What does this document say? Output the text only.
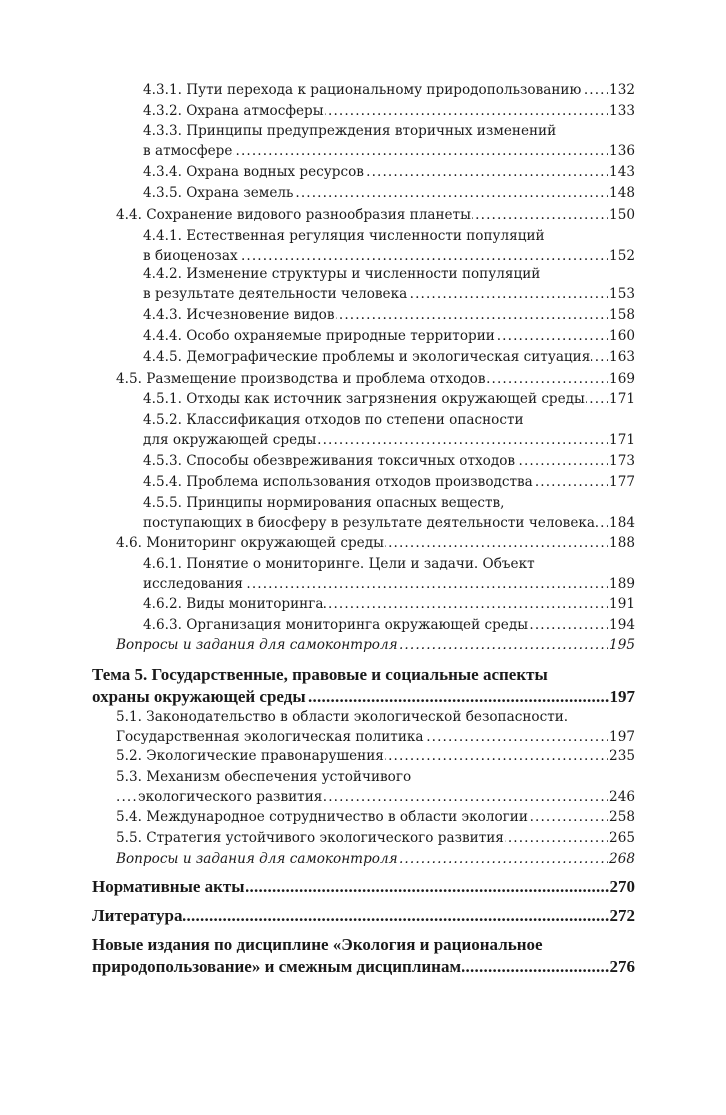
4.3.1. Пути перехода к рациональному природопользованию 132
. . .
4.3.2. Охрана атмосферы	133
. . .
4.3.3. Принципы предупреждения вторичных изменений
в атмосфере	136
. . .
4.3.4. Охрана водных ресурсов	143
. . .
4.3.5. Охрана земель	148
. . .
4.4. Сохранение видового разнообразия планеты	150
. . .
4.4.1. Естественная регуляция численности популяций
в биоценозах	152
. . .
4.4.2. Изменение структуры и численности популяций
в результате деятельности человека	153
. . .
4.4.3. Исчезновение видов	158
. . .
4.4.4. Особо охраняемые природные территории	160
. . .
4.4.5. Демографические проблемы и экологическая ситуация 163
. . .
4.5. Размещение производства и проблема отходов	169
. . .
4.5.1. Отходы как источник загрязнения окружающей среды 171
. . .
4.5.2. Классификация отходов по степени опасности
для окружающей среды	171
. . .
4.5.3. Способы обезвреживания токсичных отходов	173
. . .
4.5.4. Проблема использования отходов производства	177
. . .
4.5.5. Принципы нормирования опасных веществ,
поступающих в биосферу в результате деятельности человека 184
. . .
4.6. Мониторинг окружающей среды	188
. . .
4.6.1. Понятие о мониторинге. Цели и задачи. Объект
исследования	189
. . .
4.6.2. Виды мониторинга	191
. . .
4.6.3. Организация мониторинга окружающей среды	194
. . .
Вопросы и задания для самоконтроля	195
. . .
Тема 5. Государственные, правовые и социальные аспекты
охраны окружающей среды	197
. . .
5.1. Законодательство в области экологической безопасности.
Государственная экологическая политика	197
. . .
5.2. Экологические правонарушения	235
. . .
5.3. Механизм обеспечения устойчивого
экологического развития	246
. . .
5.4. Международное сотрудничество в области экологии	258
. . .
5.5. Стратегия устойчивого экологического развития	265
. . .
Вопросы и задания для самоконтроля	268
. . .
Нормативные акты	270
. . .
Литература	272
. . .
Новые издания по дисциплине «Экология и рациональное
природопользование» и смежным дисциплинам	276
. . .
